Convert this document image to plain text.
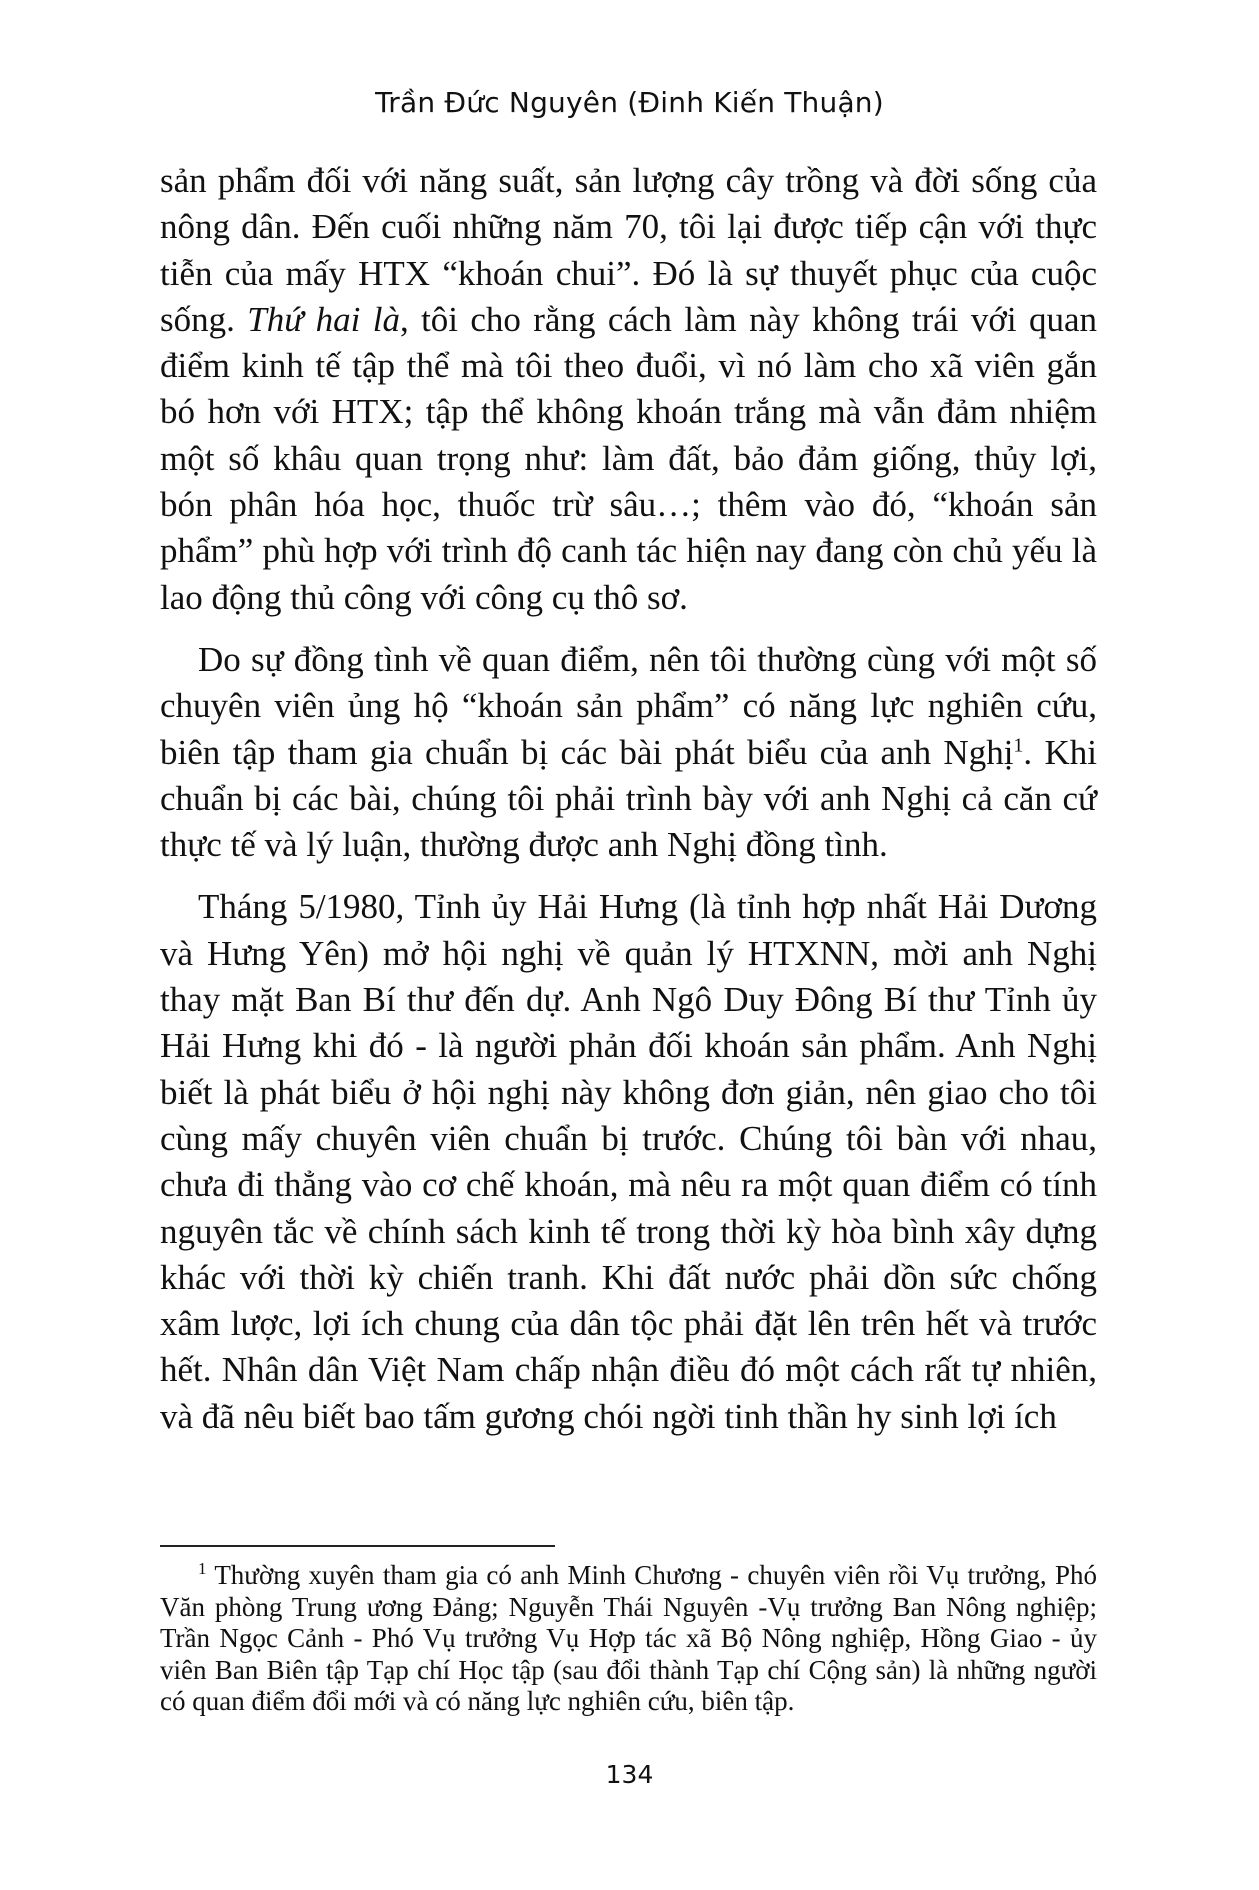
Trần Đức Nguyên (Đinh Kiến Thuận)

sản phẩm đối với năng suất, sản lượng cây trồng và đời sống của nông dân. Đến cuối những năm 70, tôi lại được tiếp cận với thực tiễn của mấy HTX “khoán chui”. Đó là sự thuyết phục của cuộc sống. Thứ hai là, tôi cho rằng cách làm này không trái với quan điểm kinh tế tập thể mà tôi theo đuổi, vì nó làm cho xã viên gắn bó hơn với HTX; tập thể không khoán trắng mà vẫn đảm nhiệm một số khâu quan trọng như: làm đất, bảo đảm giống, thủy lợi, bón phân hóa học, thuốc trừ sâu…; thêm vào đó, “khoán sản phẩm” phù hợp với trình độ canh tác hiện nay đang còn chủ yếu là lao động thủ công với công cụ thô sơ.

Do sự đồng tình về quan điểm, nên tôi thường cùng với một số chuyên viên ủng hộ “khoán sản phẩm” có năng lực nghiên cứu, biên tập tham gia chuẩn bị các bài phát biểu của anh Nghị$^1$. Khi chuẩn bị các bài, chúng tôi phải trình bày với anh Nghị cả căn cứ thực tế và lý luận, thường được anh Nghị đồng tình.

Tháng 5/1980, Tỉnh ủy Hải Hưng (là tỉnh hợp nhất Hải Dương và Hưng Yên) mở hội nghị về quản lý HTXNN, mời anh Nghị thay mặt Ban Bí thư đến dự. Anh Ngô Duy Đông Bí thư Tỉnh ủy Hải Hưng khi đó - là người phản đối khoán sản phẩm. Anh Nghị biết là phát biểu ở hội nghị này không đơn giản, nên giao cho tôi cùng mấy chuyên viên chuẩn bị trước. Chúng tôi bàn với nhau, chưa đi thẳng vào cơ chế khoán, mà nêu ra một quan điểm có tính nguyên tắc về chính sách kinh tế trong thời kỳ hòa bình xây dựng khác với thời kỳ chiến tranh. Khi đất nước phải dồn sức chống xâm lược, lợi ích chung của dân tộc phải đặt lên trên hết và trước hết. Nhân dân Việt Nam chấp nhận điều đó một cách rất tự nhiên, và đã nêu biết bao tấm gương chói ngời tinh thần hy sinh lợi ích

$^1$ Thường xuyên tham gia có anh Minh Chương - chuyên viên rồi Vụ trưởng, Phó Văn phòng Trung ương Đảng; Nguyễn Thái Nguyên -Vụ trưởng Ban Nông nghiệp; Trần Ngọc Cảnh - Phó Vụ trưởng Vụ Hợp tác xã Bộ Nông nghiệp, Hồng Giao - ủy viên Ban Biên tập Tạp chí Học tập (sau đổi thành Tạp chí Cộng sản) là những người có quan điểm đổi mới và có năng lực nghiên cứu, biên tập.

134
